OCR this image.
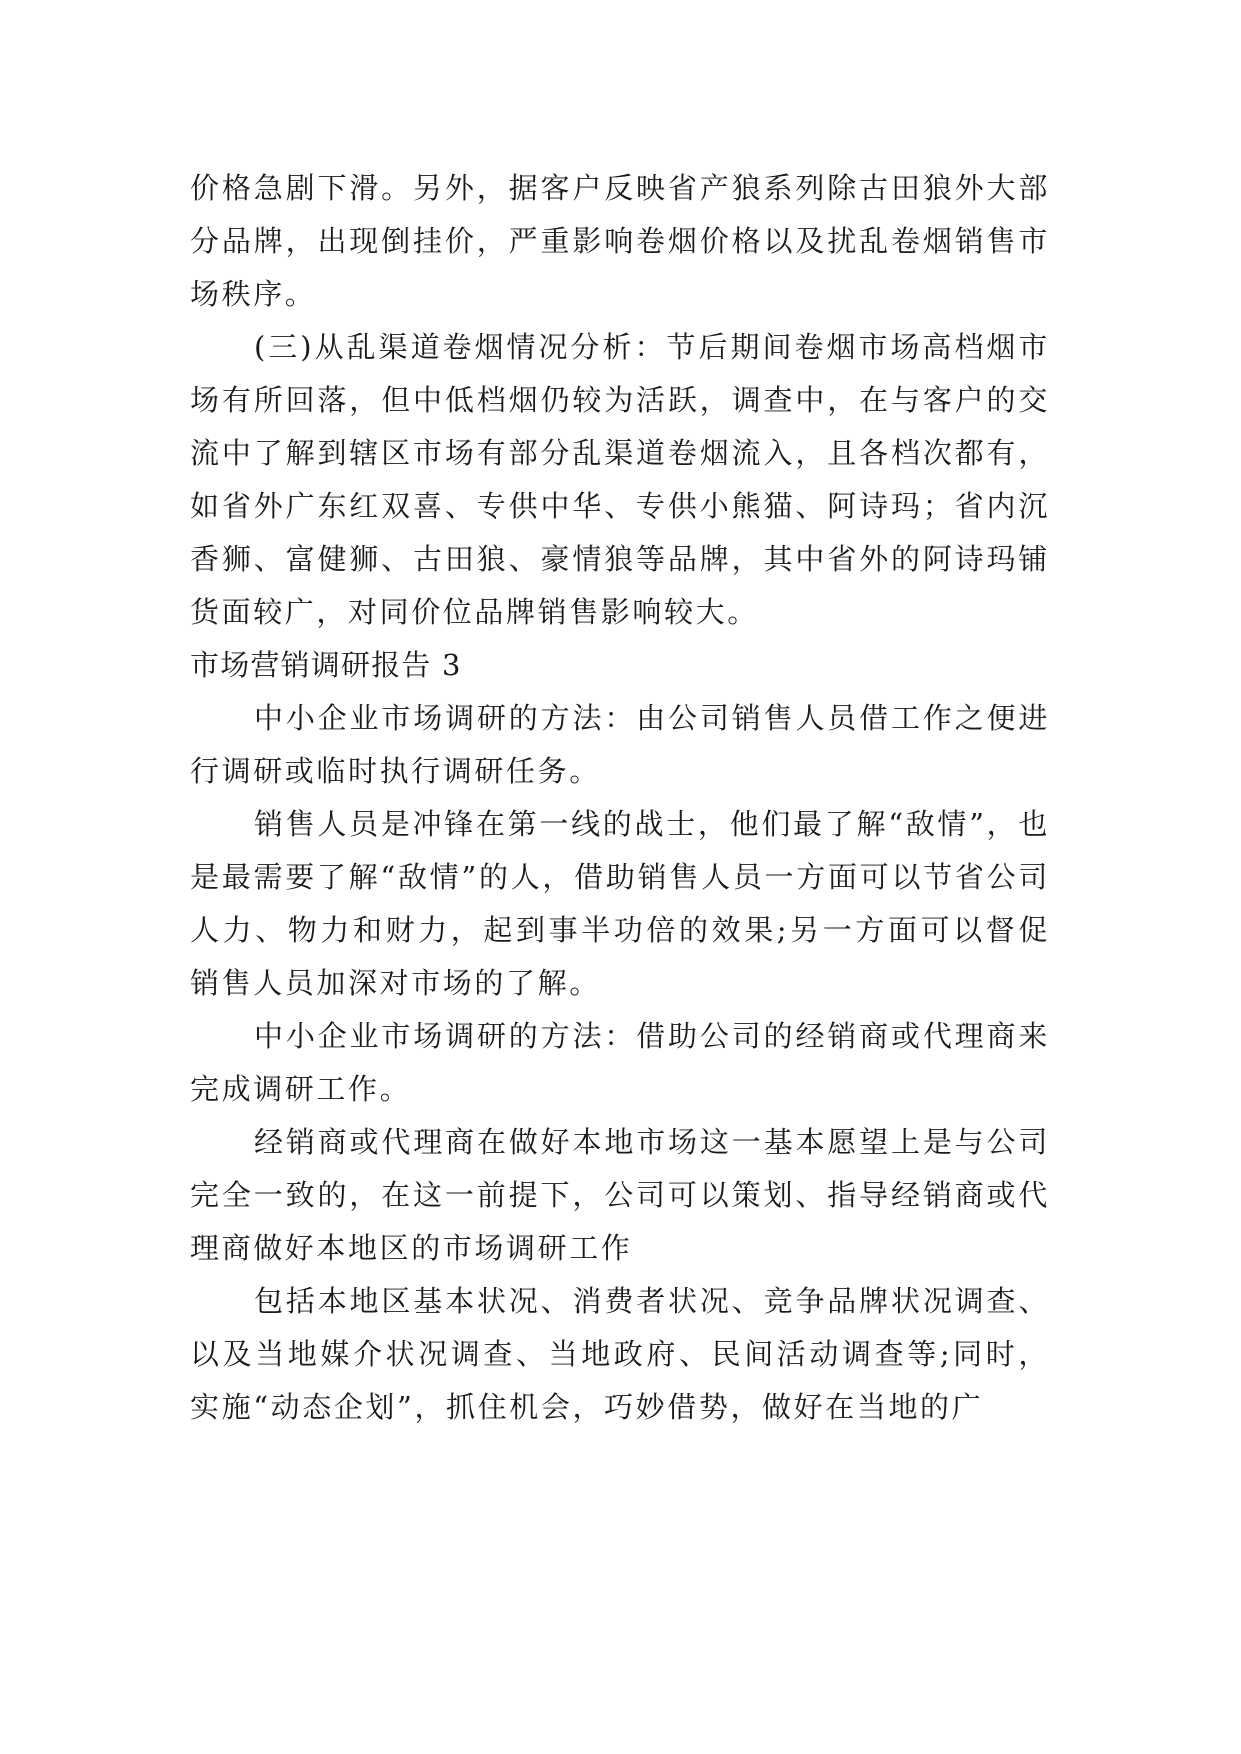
价格急剧下滑。另外，据客户反映省产狼系列除古田狼外大部分品牌，出现倒挂价，严重影响卷烟价格以及扰乱卷烟销售市场秩序。

(三)从乱渠道卷烟情况分析：节后期间卷烟市场高档烟市场有所回落，但中低档烟仍较为活跃，调查中，在与客户的交流中了解到辖区市场有部分乱渠道卷烟流入，且各档次都有，如省外广东红双喜、专供中华、专供小熊猫、阿诗玛；省内沉香狮、富健狮、古田狼、豪情狼等品牌，其中省外的阿诗玛铺货面较广，对同价位品牌销售影响较大。

市场营销调研报告 3

中小企业市场调研的方法：由公司销售人员借工作之便进行调研或临时执行调研任务。

销售人员是冲锋在第一线的战士，他们最了解“敌情”，也是最需要了解“敌情”的人，借助销售人员一方面可以节省公司人力、物力和财力，起到事半功倍的效果;另一方面可以督促销售人员加深对市场的了解。

中小企业市场调研的方法：借助公司的经销商或代理商来完成调研工作。

经销商或代理商在做好本地市场这一基本愿望上是与公司完全一致的，在这一前提下，公司可以策划、指导经销商或代理商做好本地区的市场调研工作

包括本地区基本状况、消费者状况、竞争品牌状况调查、以及当地媒介状况调查、当地政府、民间活动调查等;同时，实施“动态企划”，抓住机会，巧妙借势，做好在当地的广
